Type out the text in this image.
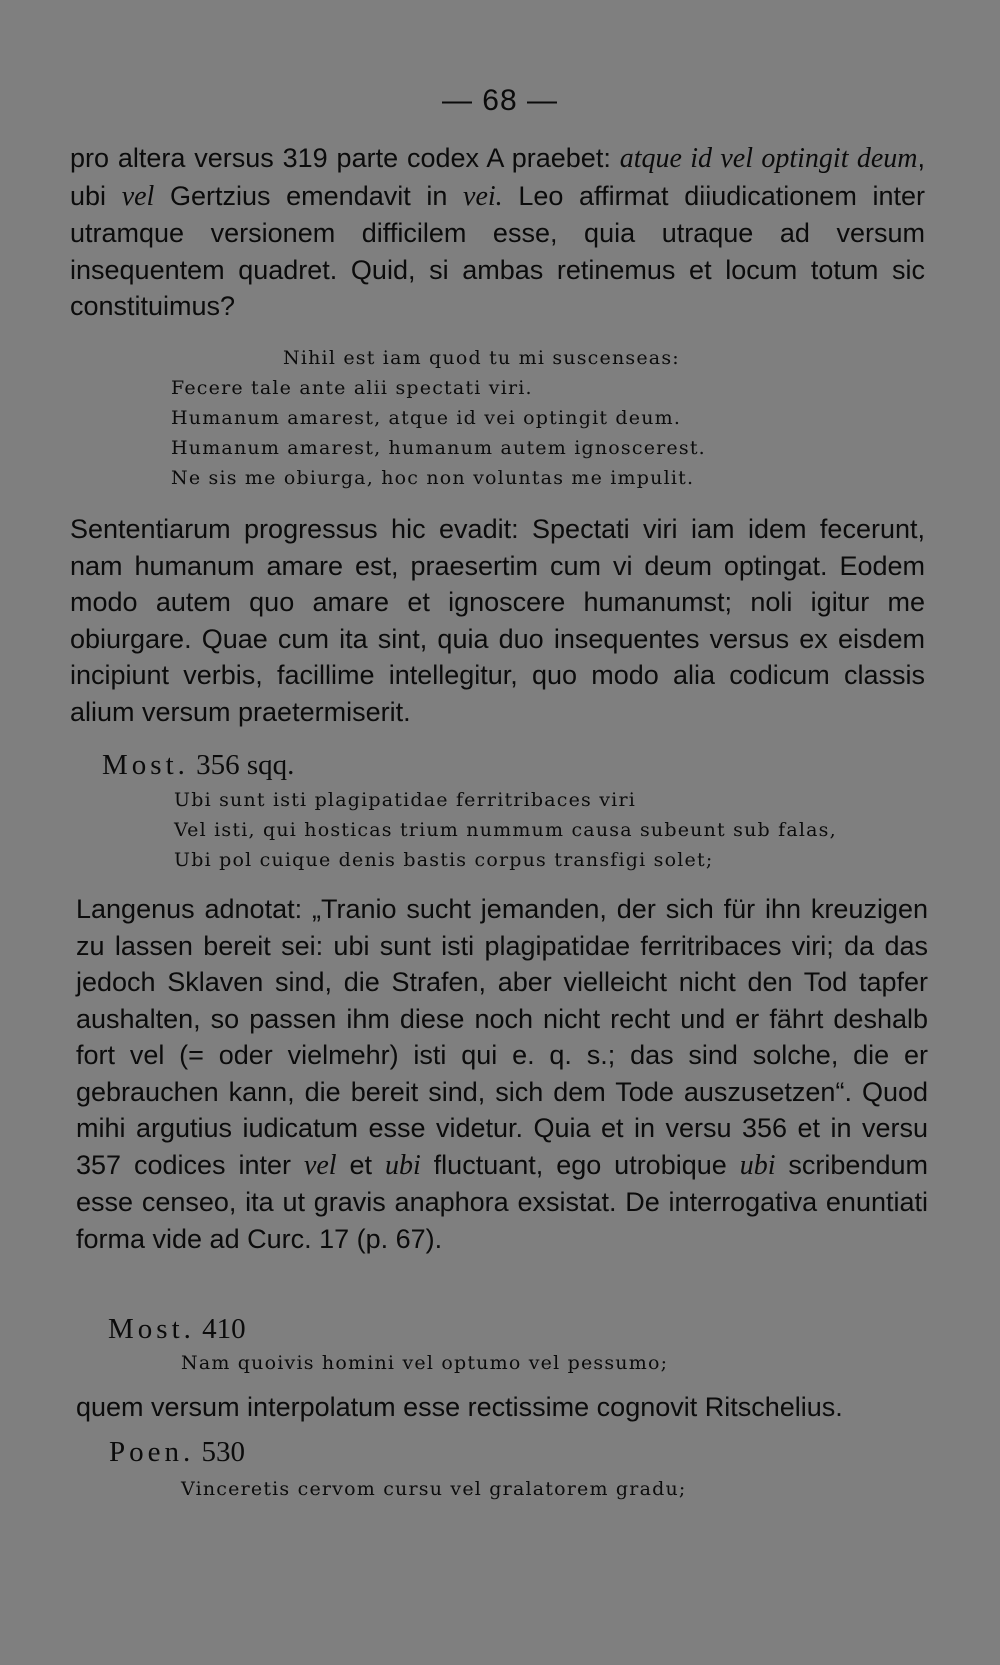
— 68 —

pro altera versus 319 parte codex A praebet: atque id vel optingit deum, ubi vel Gertzius emendavit in vei. Leo affirmat diiudicationem inter utramque versionem difficilem esse, quia utraque ad versum insequentem quadret. Quid, si ambas retinemus et locum totum sic constituimus?

Nihil est iam quod tu mi suscenseas:
Fecere tale ante alii spectati viri.
Humanum amarest, atque id vei optingit deum.
Humanum amarest, humanum autem ignoscerest.
Ne sis me obiurga, hoc non voluntas me impulit.

Sententiarum progressus hic evadit: Spectati viri iam idem fecerunt, nam humanum amare est, praesertim cum vi deum optingat. Eodem modo autem quo amare et ignoscere humanumst; noli igitur me obiurgare. Quae cum ita sint, quia duo insequentes versus ex eisdem incipiunt verbis, facillime intellegitur, quo modo alia codicum classis alium versum praetermiserit.

Most. 356 sqq.
Ubi sunt isti plagipatidae ferritribaces viri
Vel isti, qui hosticas trium nummum causa subeunt sub falas,
Ubi pol cuique denis bastis corpus transfigi solet;

Langenus adnotat: „Tranio sucht jemanden, der sich für ihn kreuzigen zu lassen bereit sei: ubi sunt isti plagipatidae ferritribaces viri; da das jedoch Sklaven sind, die Strafen, aber vielleicht nicht den Tod tapfer aushalten, so passen ihm diese noch nicht recht und er fährt deshalb fort vel (= oder vielmehr) isti qui e. q. s.; das sind solche, die er gebrauchen kann, die bereit sind, sich dem Tode auszusetzen“. Quod mihi argutius iudicatum esse videtur. Quia et in versu 356 et in versu 357 codices inter vel et ubi fluctuant, ego utrobique ubi scribendum esse censeo, ita ut gravis anaphora exsistat. De interrogativa enuntiati forma vide ad Curc. 17 (p. 67).

Most. 410
Nam quoivis homini vel optumo vel pessumo;

quem versum interpolatum esse rectissime cognovit Ritschelius.

Poen. 530
Vinceretis cervom cursu vel gralatorem gradu;
